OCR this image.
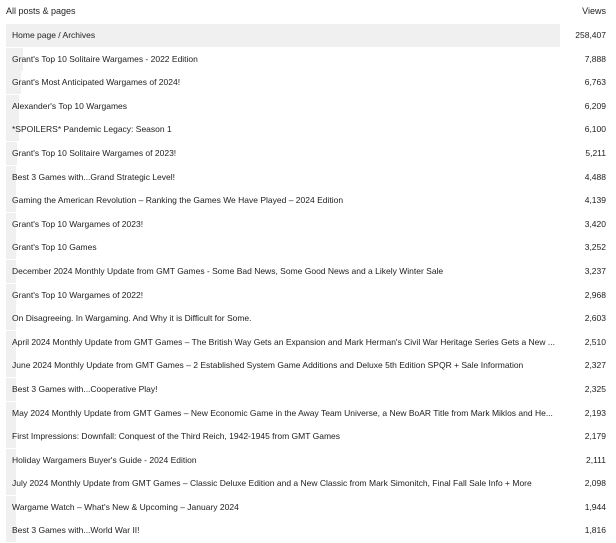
All posts & pages	Views
Home page / Archives	258,407
Grant's Top 10 Solitaire Wargames - 2022 Edition	7,888
Grant's Most Anticipated Wargames of 2024!	6,763
Alexander's Top 10 Wargames	6,209
*SPOILERS* Pandemic Legacy: Season 1	6,100
Grant's Top 10 Solitaire Wargames of 2023!	5,211
Best 3 Games with...Grand Strategic Level!	4,488
Gaming the American Revolution – Ranking the Games We Have Played – 2024 Edition	4,139
Grant's Top 10 Wargames of 2023!	3,420
Grant's Top 10 Games	3,252
December 2024 Monthly Update from GMT Games - Some Bad News, Some Good News and a Likely Winter Sale	3,237
Grant's Top 10 Wargames of 2022!	2,968
On Disagreeing. In Wargaming. And Why it is Difficult for Some.	2,603
April 2024 Monthly Update from GMT Games – The British Way Gets an Expansion and Mark Herman's Civil War Heritage Series Gets a New ...	2,510
June 2024 Monthly Update from GMT Games – 2 Established System Game Additions and Deluxe 5th Edition SPQR + Sale Information	2,327
Best 3 Games with...Cooperative Play!	2,325
May 2024 Monthly Update from GMT Games – New Economic Game in the Away Team Universe, a New BoAR Title from Mark Miklos and He...	2,193
First Impressions: Downfall: Conquest of the Third Reich, 1942-1945 from GMT Games	2,179
Holiday Wargamers Buyer's Guide - 2024 Edition	2,111
July 2024 Monthly Update from GMT Games – Classic Deluxe Edition and a New Classic from Mark Simonitch, Final Fall Sale Info + More	2,098
Wargame Watch – What's New & Upcoming – January 2024	1,944
Best 3 Games with...World War II!	1,816
